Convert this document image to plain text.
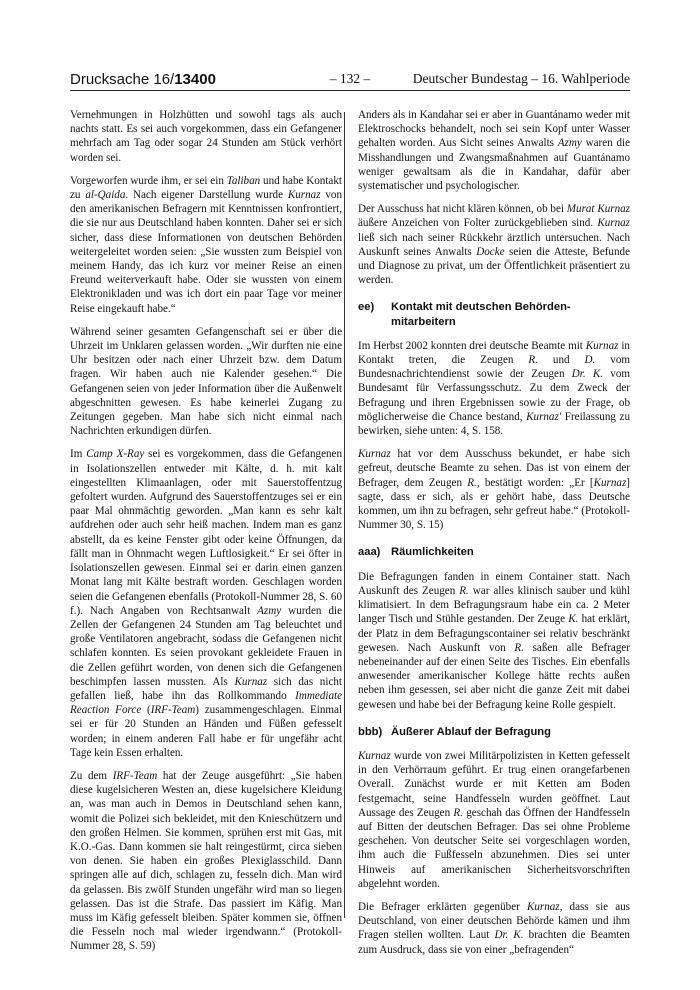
Drucksache 16/13400	– 132 –	Deutscher Bundestag – 16. Wahlperiode

Vernehmungen in Holzhütten und sowohl tags als auch nachts statt. Es sei auch vorgekommen, dass ein Gefangener mehrfach am Tag oder sogar 24 Stunden am Stück verhört worden sei.

Vorgeworfen wurde ihm, er sei ein Taliban und habe Kontakt zu al-Qaida. Nach eigener Darstellung wurde Kurnaz von den amerikanischen Befragern mit Kenntnissen konfrontiert, die sie nur aus Deutschland haben konnten. Daher sei er sich sicher, dass diese Informationen von deutschen Behörden weitergeleitet worden seien: „Sie wussten zum Beispiel von meinem Handy, das ich kurz vor meiner Reise an einen Freund weiterverkauft habe. Oder sie wussten von einem Elektronikladen und was ich dort ein paar Tage vor meiner Reise eingekauft habe.“

Während seiner gesamten Gefangenschaft sei er über die Uhrzeit im Unklaren gelassen worden. „Wir durften nie eine Uhr besitzen oder nach einer Uhrzeit bzw. dem Datum fragen. Wir haben auch nie Kalender gesehen.“ Die Gefangenen seien von jeder Information über die Außenwelt abgeschnitten gewesen. Es habe keinerlei Zugang zu Zeitungen gegeben. Man habe sich nicht einmal nach Nachrichten erkundigen dürfen.

Im Camp X-Ray sei es vorgekommen, dass die Gefangenen in Isolationszellen entweder mit Kälte, d. h. mit kalt eingestellten Klimaanlagen, oder mit Sauerstoffentzug gefoltert wurden. Aufgrund des Sauerstoffentzuges sei er ein paar Mal ohnmächtig geworden. „Man kann es sehr kalt aufdrehen oder auch sehr heiß machen. Indem man es ganz abstellt, da es keine Fenster gibt oder keine Öffnungen, da fällt man in Ohnmacht wegen Luftlosigkeit.“ Er sei öfter in Isolationszellen gewesen. Einmal sei er darin einen ganzen Monat lang mit Kälte bestraft worden. Geschlagen worden seien die Gefangenen ebenfalls (Protokoll-Nummer 28, S. 60 f.). Nach Angaben von Rechtsanwalt Azmy wurden die Zellen der Gefangenen 24 Stunden am Tag beleuchtet und große Ventilatoren angebracht, sodass die Gefangenen nicht schlafen konnten. Es seien provokant gekleidete Frauen in die Zellen geführt worden, von denen sich die Gefangenen beschimpfen lassen mussten. Als Kurnaz sich das nicht gefallen ließ, habe ihn das Rollkommando Immediate Reaction Force (IRF-Team) zusammengeschlagen. Einmal sei er für 20 Stunden an Händen und Füßen gefesselt worden; in einem anderen Fall habe er für ungefähr acht Tage kein Essen erhalten.

Zu dem IRF-Team hat der Zeuge ausgeführt: „Sie haben diese kugelsicheren Westen an, diese kugelsichere Kleidung an, was man auch in Demos in Deutschland sehen kann, womit die Polizei sich bekleidet, mit den Knieschützern und den großen Helmen. Sie kommen, sprühen erst mit Gas, mit K.O.-Gas. Dann kommen sie halt reingestürmt, circa sieben von denen. Sie haben ein großes Plexiglasschild. Dann springen alle auf dich, schlagen zu, fesseln dich. Man wird da gelassen. Bis zwölf Stunden ungefähr wird man so liegen gelassen. Das ist die Strafe. Das passiert im Käfig. Man muss im Käfig gefesselt bleiben. Später kommen sie, öffnen die Fesseln noch mal wieder irgendwann.“ (Protokoll-Nummer 28, S. 59)

Anders als in Kandahar sei er aber in Guantánamo weder mit Elektroschocks behandelt, noch sei sein Kopf unter Wasser gehalten worden. Aus Sicht seines Anwalts Azmy waren die Misshandlungen und Zwangsmaßnahmen auf Guantánamo weniger gewaltsam als die in Kandahar, dafür aber systematischer und psychologischer.

Der Ausschuss hat nicht klären können, ob bei Murat Kurnaz äußere Anzeichen von Folter zurückgeblieben sind. Kurnaz ließ sich nach seiner Rückkehr ärztlich untersuchen. Nach Auskunft seines Anwalts Docke seien die Atteste, Befunde und Diagnose zu privat, um der Öffentlichkeit präsentiert zu werden.

ee) Kontakt mit deutschen Behörden-
mitarbeitern

Im Herbst 2002 konnten drei deutsche Beamte mit Kurnaz in Kontakt treten, die Zeugen R. und D. vom Bundesnachrichtendienst sowie der Zeugen Dr. K. vom Bundesamt für Verfassungsschutz. Zu dem Zweck der Befragung und ihren Ergebnissen sowie zu der Frage, ob möglicherweise die Chance bestand, Kurnaz' Freilassung zu bewirken, siehe unten: 4, S. 158.

Kurnaz hat vor dem Ausschuss bekundet, er habe sich gefreut, deutsche Beamte zu sehen. Das ist von einem der Befrager, dem Zeugen R., bestätigt worden: „Er [Kurnaz] sagte, dass er sich, als er gehört habe, dass Deutsche kommen, um ihn zu befragen, sehr gefreut habe.“ (Protokoll-Nummer 30, S. 15)

aaa) Räumlichkeiten

Die Befragungen fanden in einem Container statt. Nach Auskunft des Zeugen R. war alles klinisch sauber und kühl klimatisiert. In dem Befragungsraum habe ein ca. 2 Meter langer Tisch und Stühle gestanden. Der Zeuge K. hat erklärt, der Platz in dem Befragungscontainer sei relativ beschränkt gewesen. Nach Auskunft von R. saßen alle Befrager nebeneinander auf der einen Seite des Tisches. Ein ebenfalls anwesender amerikanischer Kollege hätte rechts außen neben ihm gesessen, sei aber nicht die ganze Zeit mit dabei gewesen und habe bei der Befragung keine Rolle gespielt.

bbb) Äußerer Ablauf der Befragung

Kurnaz wurde von zwei Militärpolizisten in Ketten gefesselt in den Verhörraum geführt. Er trug einen orangefarbenen Overall. Zunächst wurde er mit Ketten am Boden festgemacht, seine Handfesseln wurden geöffnet. Laut Aussage des Zeugen R. geschah das Öffnen der Handfesseln auf Bitten der deutschen Befrager. Das sei ohne Probleme geschehen. Von deutscher Seite sei vorgeschlagen worden, ihm auch die Fußfesseln abzunehmen. Dies sei unter Hinweis auf amerikanischen Sicherheitsvorschriften abgelehnt worden.

Die Befrager erklärten gegenüber Kurnaz, dass sie aus Deutschland, von einer deutschen Behörde kämen und ihm Fragen stellen wollten. Laut Dr. K. brachten die Beamten zum Ausdruck, dass sie von einer „befragenden“
